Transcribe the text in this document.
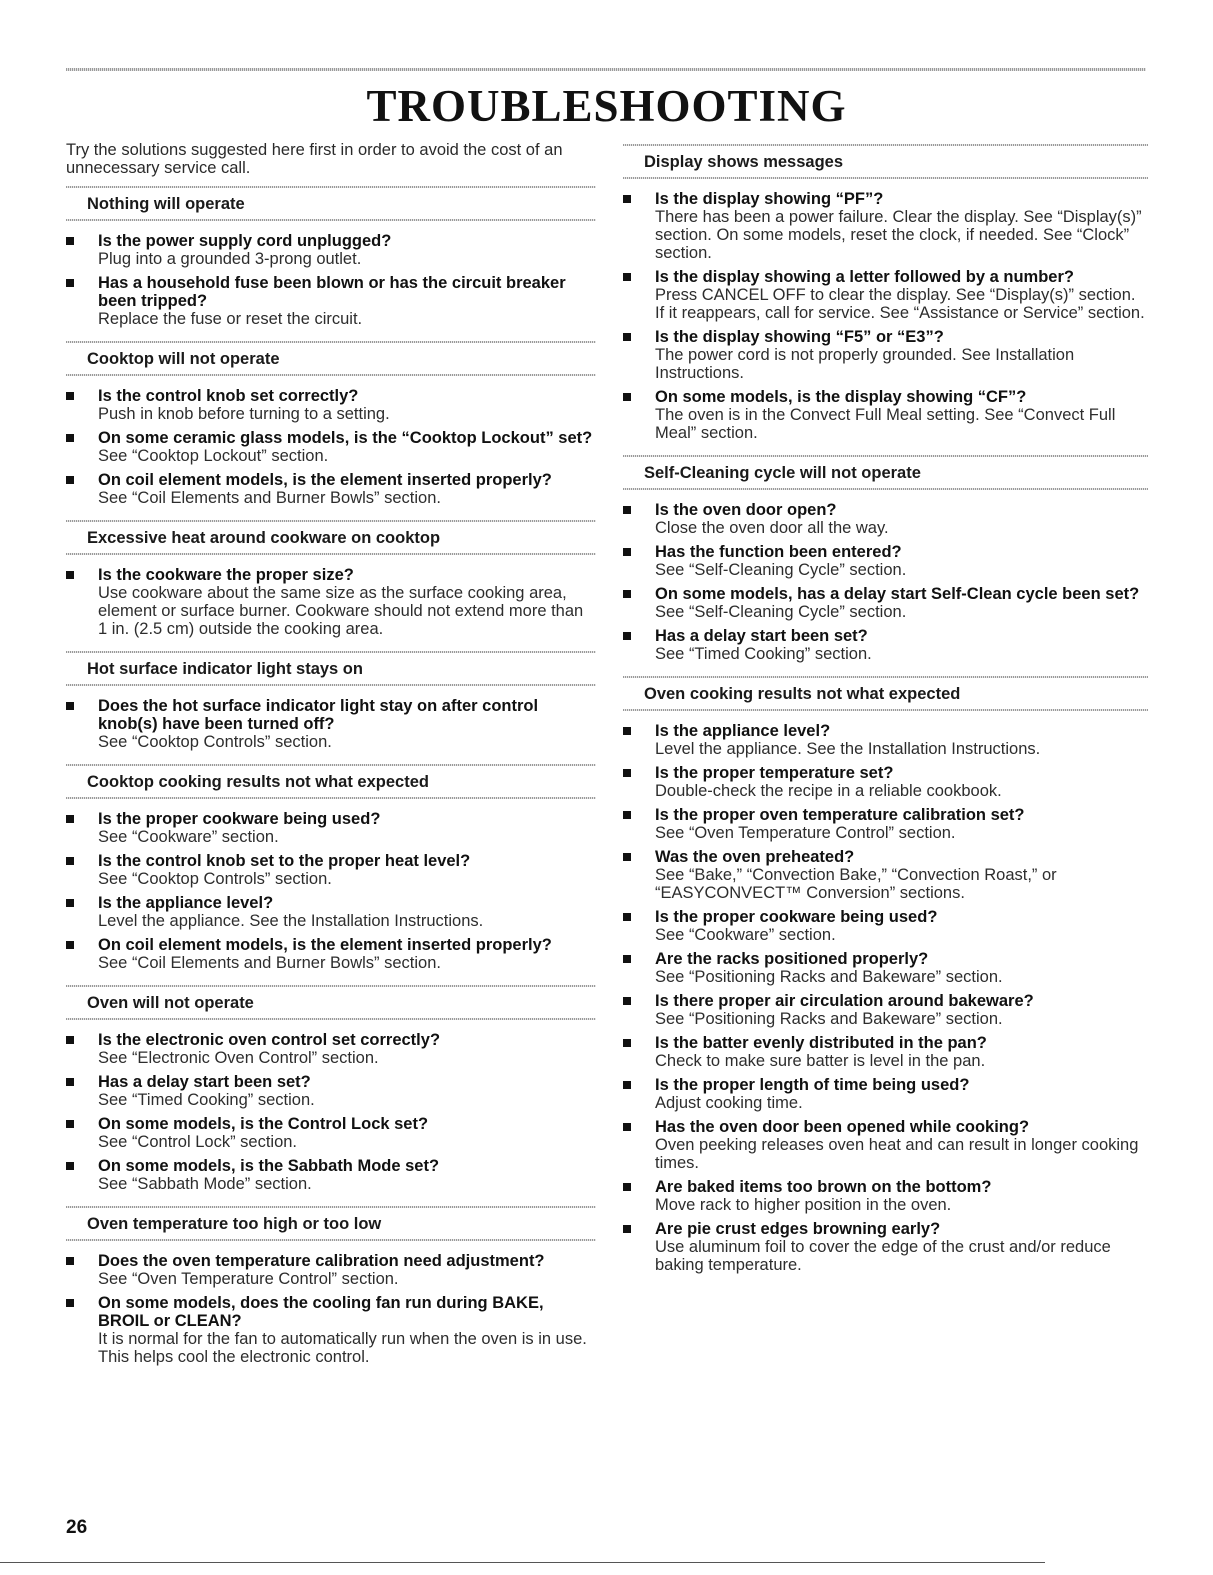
TROUBLESHOOTING

Try the solutions suggested here first in order to avoid the cost of an unnecessary service call.

Nothing will operate
Is the power supply cord unplugged?
Plug into a grounded 3-prong outlet.
Has a household fuse been blown or has the circuit breaker been tripped?
Replace the fuse or reset the circuit.
Cooktop will not operate
Is the control knob set correctly?
Push in knob before turning to a setting.
On some ceramic glass models, is the “Cooktop Lockout” set?
See “Cooktop Lockout” section.
On coil element models, is the element inserted properly?
See “Coil Elements and Burner Bowls” section.
Excessive heat around cookware on cooktop
Is the cookware the proper size?
Use cookware about the same size as the surface cooking area, element or surface burner. Cookware should not extend more than 1 in. (2.5 cm) outside the cooking area.
Hot surface indicator light stays on
Does the hot surface indicator light stay on after control knob(s) have been turned off?
See “Cooktop Controls” section.
Cooktop cooking results not what expected
Is the proper cookware being used?
See “Cookware” section.
Is the control knob set to the proper heat level?
See “Cooktop Controls” section.
Is the appliance level?
Level the appliance. See the Installation Instructions.
On coil element models, is the element inserted properly?
See “Coil Elements and Burner Bowls” section.
Oven will not operate
Is the electronic oven control set correctly?
See “Electronic Oven Control” section.
Has a delay start been set?
See “Timed Cooking” section.
On some models, is the Control Lock set?
See “Control Lock” section.
On some models, is the Sabbath Mode set?
See “Sabbath Mode” section.
Oven temperature too high or too low
Does the oven temperature calibration need adjustment?
See “Oven Temperature Control” section.
On some models, does the cooling fan run during BAKE, BROIL or CLEAN?
It is normal for the fan to automatically run when the oven is in use. This helps cool the electronic control.
Display shows messages
Is the display showing “PF”?
There has been a power failure. Clear the display. See “Display(s)” section. On some models, reset the clock, if needed. See “Clock” section.
Is the display showing a letter followed by a number?
Press CANCEL OFF to clear the display. See “Display(s)” section. If it reappears, call for service. See “Assistance or Service” section.
Is the display showing “F5” or “E3”?
The power cord is not properly grounded. See Installation Instructions.
On some models, is the display showing “CF”?
The oven is in the Convect Full Meal setting. See “Convect Full Meal” section.
Self-Cleaning cycle will not operate
Is the oven door open?
Close the oven door all the way.
Has the function been entered?
See “Self-Cleaning Cycle” section.
On some models, has a delay start Self-Clean cycle been set?
See “Self-Cleaning Cycle” section.
Has a delay start been set?
See “Timed Cooking” section.
Oven cooking results not what expected
Is the appliance level?
Level the appliance. See the Installation Instructions.
Is the proper temperature set?
Double-check the recipe in a reliable cookbook.
Is the proper oven temperature calibration set?
See “Oven Temperature Control” section.
Was the oven preheated?
See “Bake,” “Convection Bake,” “Convection Roast,” or “EASYCONVECT™ Conversion” sections.
Is the proper cookware being used?
See “Cookware” section.
Are the racks positioned properly?
See “Positioning Racks and Bakeware” section.
Is there proper air circulation around bakeware?
See “Positioning Racks and Bakeware” section.
Is the batter evenly distributed in the pan?
Check to make sure batter is level in the pan.
Is the proper length of time being used?
Adjust cooking time.
Has the oven door been opened while cooking?
Oven peeking releases oven heat and can result in longer cooking times.
Are baked items too brown on the bottom?
Move rack to higher position in the oven.
Are pie crust edges browning early?
Use aluminum foil to cover the edge of the crust and/or reduce baking temperature.
26
